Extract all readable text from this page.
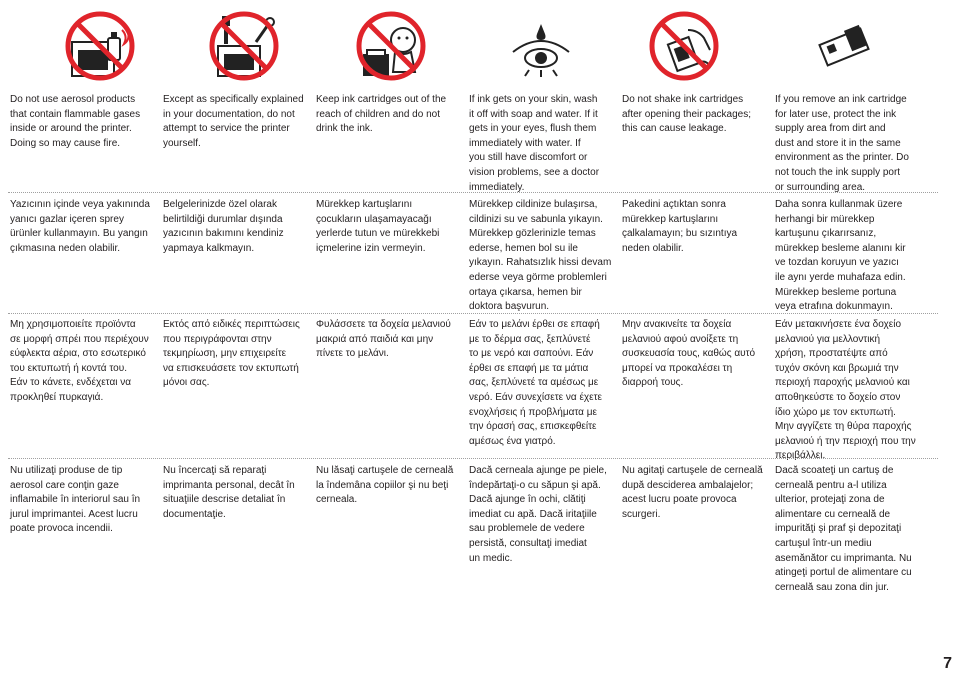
Do not use aerosol products
that contain flammable gases
inside or around the printer.
Doing so may cause fire.
Except as specifically explained
in your documentation, do not
attempt to service the printer
yourself.
Keep ink cartridges out of the
reach of children and do not
drink the ink.
If ink gets on your skin, wash
it off with soap and water. If it
gets in your eyes, flush them
immediately with water. If
you still have discomfort or
vision problems, see a doctor
immediately.
Do not shake ink cartridges
after opening their packages;
this can cause leakage.
If you remove an ink cartridge
for later use, protect the ink
supply area from dirt and
dust and store it in the same
environment as the printer. Do
not touch the ink supply port
or surrounding area.
Yazıcının içinde veya yakınında
yanıcı gazlar içeren sprey
ürünler kullanmayın. Bu yangın
çıkmasına neden olabilir.
Belgelerinizde özel olarak
belirtildiği durumlar dışında
yazıcının bakımını kendiniz
yapmaya kalkmayın.
Mürekkep kartuşlarını
çocukların ulaşamayacağı
yerlerde tutun ve mürekkebi
içmelerine izin vermeyin.
Mürekkep cildinize bulaşırsa,
cildinizi su ve sabunla yıkayın.
Mürekkep gözlerinizle temas
ederse, hemen bol su ile
yıkayın. Rahatsızlık hissi devam
ederse veya görme problemleri
ortaya çıkarsa, hemen bir
doktora başvurun.
Pakedini açtıktan sonra
mürekkep kartuşlarını
çalkalamayın; bu sızıntıya
neden olabilir.
Daha sonra kullanmak üzere
herhangi bir mürekkep
kartuşunu çıkarırsanız,
mürekkep besleme alanını kir
ve tozdan koruyun ve yazıcı
ile aynı yerde muhafaza edin.
Mürekkep besleme portuna
veya etrafına dokunmayın.
Μη χρησιμοποιείτε προϊόντα
σε μορφή σπρέι που περιέχουν
εύφλεκτα αέρια, στο εσωτερικό
του εκτυπωτή ή κοντά του.
Εάν το κάνετε, ενδέχεται να
προκληθεί πυρκαγιά.
Εκτός από ειδικές περιπτώσεις
που περιγράφονται στην
τεκμηρίωση, μην επιχειρείτε
να επισκευάσετε τον εκτυπωτή
μόνοι σας.
Φυλάσσετε τα δοχεία μελανιού
μακριά από παιδιά και μην
πίνετε το μελάνι.
Εάν το μελάνι έρθει σε επαφή
με το δέρμα σας, ξεπλύνετέ
το με νερό και σαπούνι. Εάν
έρθει σε επαφή με τα μάτια
σας, ξεπλύνετέ τα αμέσως με
νερό. Εάν συνεχίσετε να έχετε
ενοχλήσεις ή προβλήματα με
την όρασή σας, επισκεφθείτε
αμέσως ένα γιατρό.
Μην ανακινείτε τα δοχεία
μελανιού αφού ανοίξετε τη
συσκευασία τους, καθώς αυτό
μπορεί να προκαλέσει τη
διαρροή τους.
Εάν μετακινήσετε ένα δοχείο
μελανιού για μελλοντική
χρήση, προστατέψτε από
τυχόν σκόνη και βρωμιά την
περιοχή παροχής μελανιού και
αποθηκεύστε το δοχείο στον
ίδιο χώρο με τον εκτυπωτή.
Μην αγγίζετε τη θύρα παροχής
μελανιού ή την περιοχή που την
περιβάλλει.
Nu utilizaţi produse de tip
aerosol care conţin gaze
inflamabile în interiorul sau în
jurul imprimantei. Acest lucru
poate provoca incendii.
Nu încercaţi să reparaţi
imprimanta personal, decât în
situaţiile descrise detaliat în
documentaţie.
Nu lăsaţi cartuşele de cerneală
la îndemâna copiilor şi nu beţi
cerneala.
Dacă cerneala ajunge pe piele,
îndepărtaţi-o cu săpun şi apă.
Dacă ajunge în ochi, clătiţi
imediat cu apă. Dacă iritaţiile
sau problemele de vedere
persistă, consultaţi imediat
un medic.
Nu agitaţi cartuşele de cerneală
după desciderea ambalajelor;
acest lucru poate provoca
scurgeri.
Dacă scoateţi un cartuş de
cerneală pentru a-l utiliza
ulterior, protejaţi zona de
alimentare cu cerneală de
impurităţi şi praf şi depozitaţi
cartuşul într-un mediu
asemănător cu imprimanta. Nu
atingeţi portul de alimentare cu
cerneală sau zona din jur.
7
